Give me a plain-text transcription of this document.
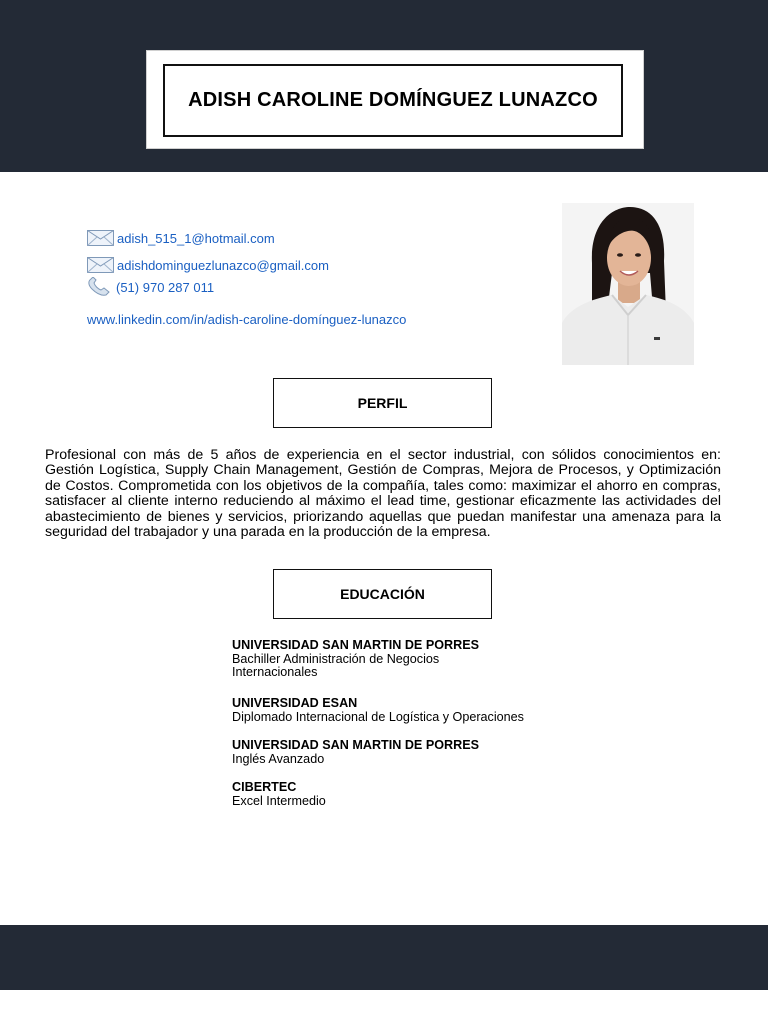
ADISH CAROLINE DOMÍNGUEZ LUNAZCO
adish_515_1@hotmail.com
adishdominguezlunazco@gmail.com
(51) 970 287 011
www.linkedin.com/in/adish-caroline-domínguez-lunazco
PERFIL

Profesional con más de 5 años de experiencia en el sector industrial, con sólidos conocimientos en: Gestión Logística, Supply Chain Management, Gestión de Compras, Mejora de Procesos, y Optimización de Costos. Comprometida con los objetivos de la compañía, tales como: maximizar el ahorro en compras, satisfacer al cliente interno reduciendo al máximo el lead time, gestionar eficazmente las actividades del abastecimiento de bienes y servicios, priorizando aquellas que puedan manifestar una amenaza para la seguridad del trabajador y una parada en la producción de la empresa.

EDUCACIÓN
UNIVERSIDAD SAN MARTIN DE PORRES
Bachiller Administración de Negocios Internacionales
UNIVERSIDAD ESAN
Diplomado Internacional de Logística y Operaciones
UNIVERSIDAD SAN MARTIN DE PORRES
Inglés Avanzado
CIBERTEC
Excel Intermedio
